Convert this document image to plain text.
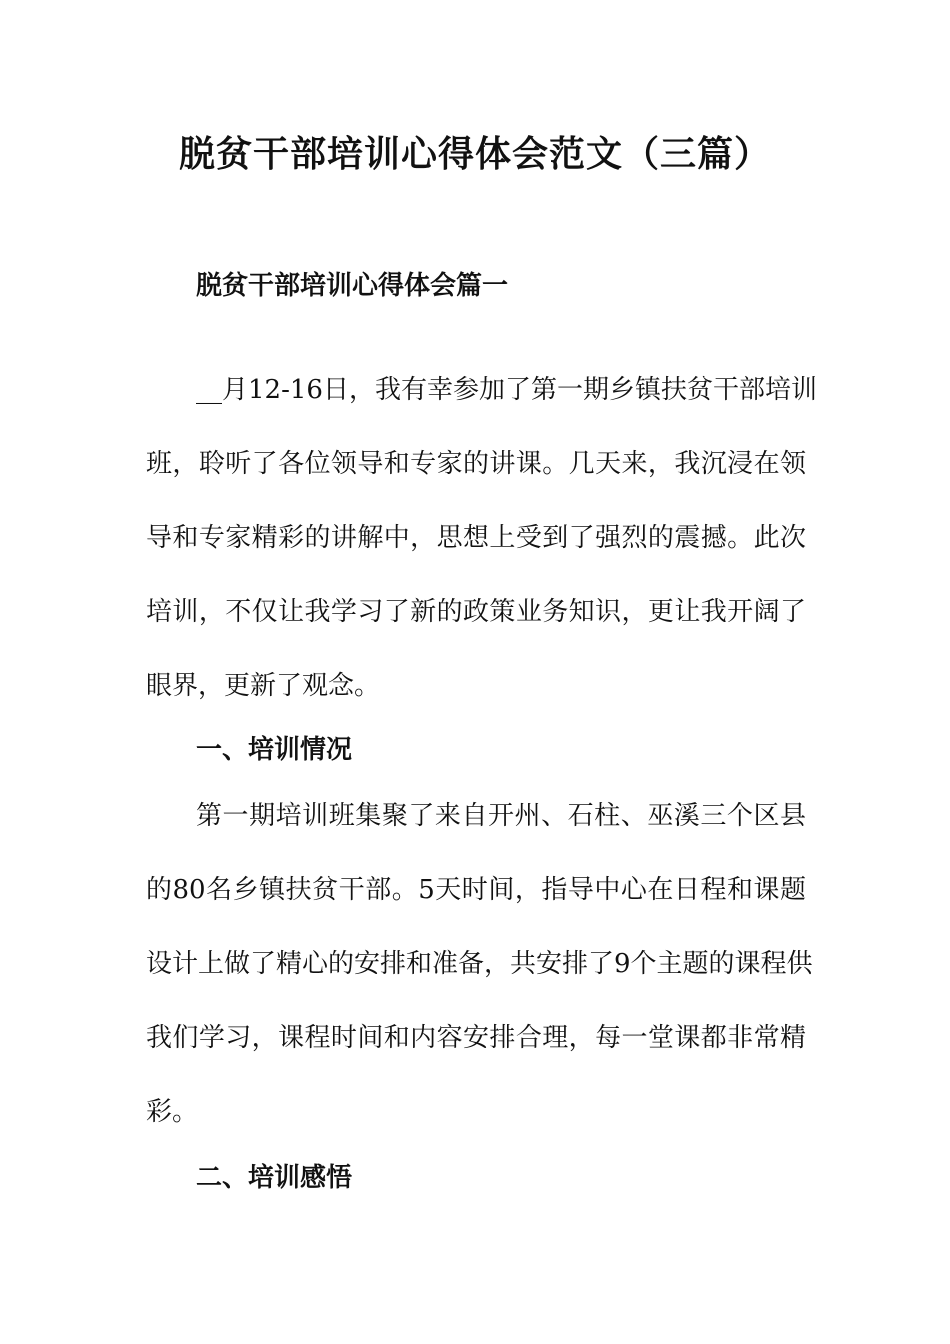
脱贫干部培训心得体会范文（三篇）
脱贫干部培训心得体会篇一
__月12-16日，我有幸参加了第一期乡镇扶贫干部培训
班，聆听了各位领导和专家的讲课。几天来，我沉浸在领
导和专家精彩的讲解中，思想上受到了强烈的震撼。此次
培训，不仅让我学习了新的政策业务知识，更让我开阔了
眼界，更新了观念。
一、培训情况
第一期培训班集聚了来自开州、石柱、巫溪三个区县
的80名乡镇扶贫干部。5天时间，指导中心在日程和课题
设计上做了精心的安排和准备，共安排了9个主题的课程供
我们学习，课程时间和内容安排合理，每一堂课都非常精
彩。
二、培训感悟
